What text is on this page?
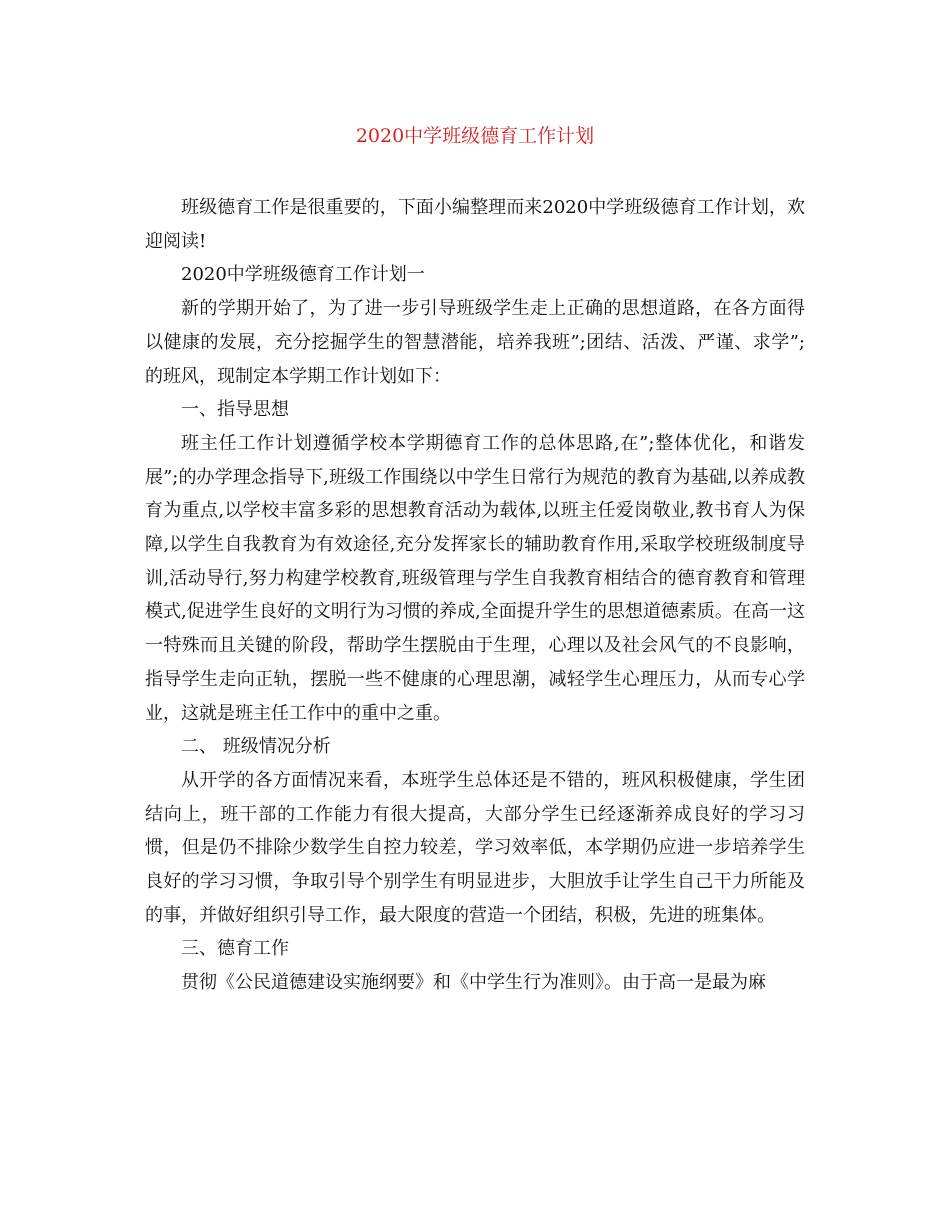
2020中学班级德育工作计划

班级德育工作是很重要的，下面小编整理而来2020中学班级德育工作计划，欢迎阅读!

2020中学班级德育工作计划一

新的学期开始了，为了进一步引导班级学生走上正确的思想道路，在各方面得以健康的发展，充分挖掘学生的智慧潜能，培养我班”;团结、活泼、严谨、求学”;的班风，现制定本学期工作计划如下：

一、指导思想

班主任工作计划遵循学校本学期德育工作的总体思路,在”;整体优化，和谐发展”;的办学理念指导下,班级工作围绕以中学生日常行为规范的教育为基础,以养成教育为重点,以学校丰富多彩的思想教育活动为载体,以班主任爱岗敬业,教书育人为保障,以学生自我教育为有效途径,充分发挥家长的辅助教育作用,采取学校班级制度导训,活动导行,努力构建学校教育,班级管理与学生自我教育相结合的德育教育和管理模式,促进学生良好的文明行为习惯的养成,全面提升学生的思想道德素质。在高一这一特殊而且关键的阶段，帮助学生摆脱由于生理，心理以及社会风气的不良影响，指导学生走向正轨，摆脱一些不健康的心理思潮，减轻学生心理压力，从而专心学业，这就是班主任工作中的重中之重。

二、 班级情况分析

从开学的各方面情况来看，本班学生总体还是不错的，班风积极健康，学生团结向上，班干部的工作能力有很大提高，大部分学生已经逐渐养成良好的学习习惯，但是仍不排除少数学生自控力较差，学习效率低，本学期仍应进一步培养学生良好的学习习惯，争取引导个别学生有明显进步，大胆放手让学生自己干力所能及的事，并做好组织引导工作，最大限度的营造一个团结，积极，先进的班集体。

三、德育工作

贯彻《公民道德建设实施纲要》和《中学生行为准则》。由于高一是最为麻
